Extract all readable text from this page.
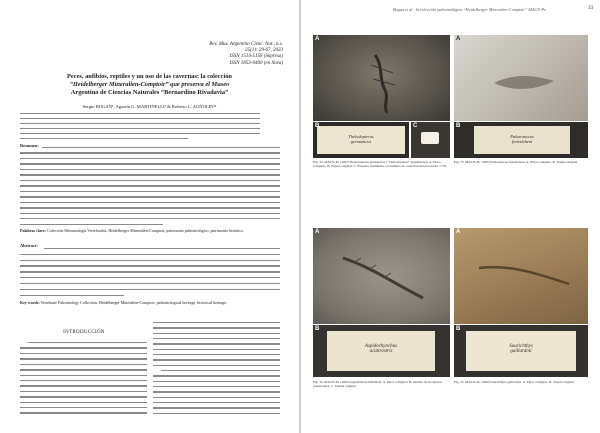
Rev. Mus. Argentino Cienc. Nat., n.s.
25(1): 29-67, 2023
ISSN 1514-5158 (impresa)
ISSN 1853-0400 (en línea)
Peces, anfibios, reptiles y un oso de las cavernas: la colección
“Heidelberger Mineralien-Comptoir” que preserva el Museo
Argentino de Ciencias Naturales “Bernardino Rivadavia”
Sergio BOGAN¹, Agustín G. MARTINELLI² & Roberto L. AGNOLIN¹²
Resumen:
Palabras clave: Colección Paleontología Vertebrados, Heidelberger Mineralien-Comptoir, patrimonio paleontológico, patrimonio histórico.
Abstract:
Key words: Vertebrate Paleontology Collection, Heidelberger Mineralien-Comptoir, paleontological heritage, historical heritage.
INTRODUCCIÓN
Bogan et al.: la colección paleontológica “Heidelberger Mineralien-Comptoir” MACN-Pv	33
A
Thelodopterus
germanicus
B	C
Fig. 32. MACN-Pv 12665 Thelodopterus germanicus (“Thelodopterus” germanicus). A. Placa completa. B. Tarjeta original. C. Etiqueta reutilizada con número de colección del proveedor 1778.
A
Palaeoniscus
freieslebeni
B
Fig. 33. MACN-Pv 12695 Palaeoniscus freieslebeni. A. Placa completa. B. Tarjeta original.
A
Aspidorhynchus
acutirostris
B
Fig. 34. MACN-Pv 12692 (Aspidorhynchiformes). A. Placa completa. B. Detalle de los huesos preservados. C. Tarjeta original.
A
Saurichthys
gaillardoti
B
Fig. 35. MACN-Pv 12694 Saurichthys gaillardoti. A. Placa completa. B. Tarjeta original.
